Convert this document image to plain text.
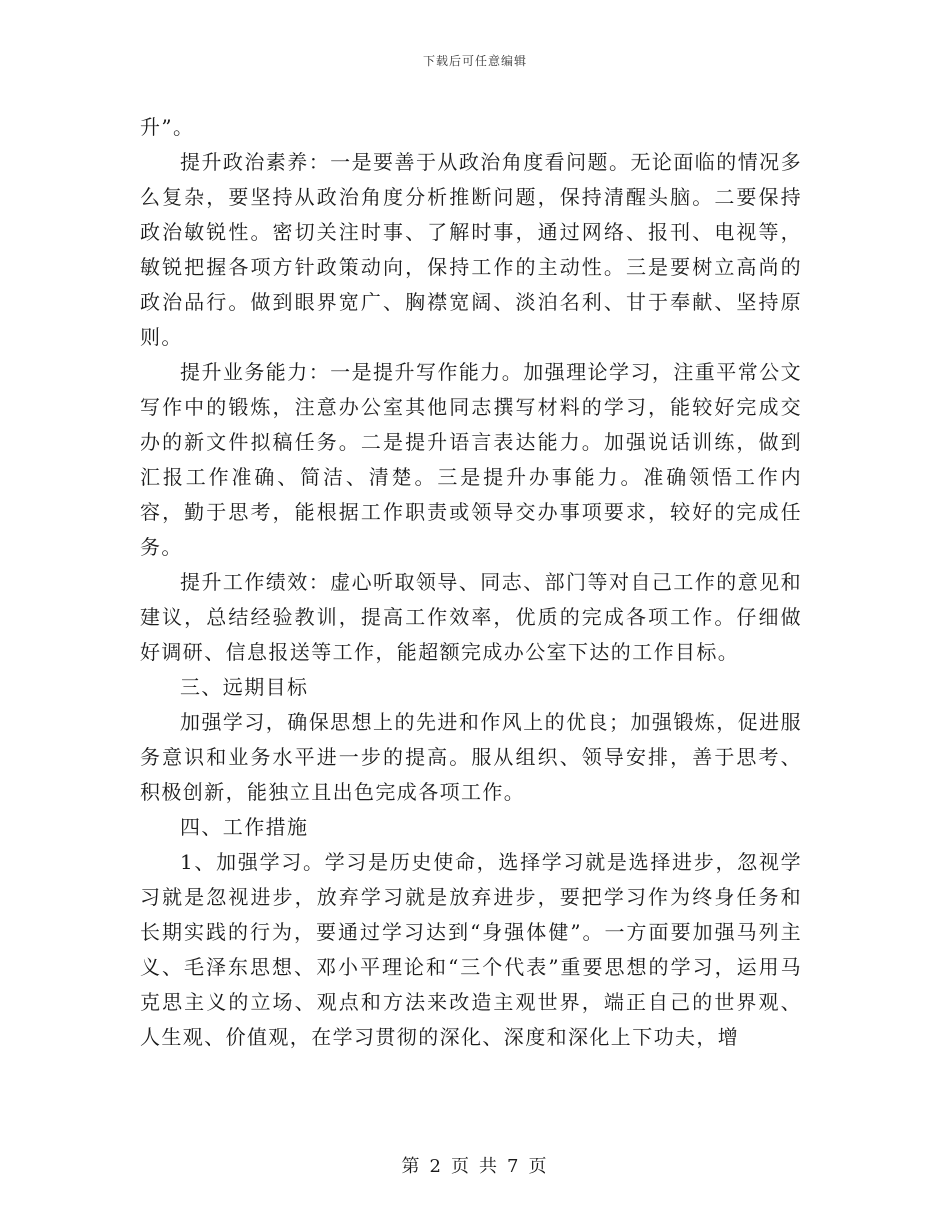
下载后可任意编辑

升”。

提升政治素养：一是要善于从政治角度看问题。无论面临的情况多么复杂，要坚持从政治角度分析推断问题，保持清醒头脑。二要保持政治敏锐性。密切关注时事、了解时事，通过网络、报刊、电视等，敏锐把握各项方针政策动向，保持工作的主动性。三是要树立高尚的政治品行。做到眼界宽广、胸襟宽阔、淡泊名利、甘于奉献、坚持原则。

提升业务能力：一是提升写作能力。加强理论学习，注重平常公文写作中的锻炼，注意办公室其他同志撰写材料的学习，能较好完成交办的新文件拟稿任务。二是提升语言表达能力。加强说话训练，做到汇报工作准确、简洁、清楚。三是提升办事能力。准确领悟工作内容，勤于思考，能根据工作职责或领导交办事项要求，较好的完成任务。

提升工作绩效：虚心听取领导、同志、部门等对自己工作的意见和建议，总结经验教训，提高工作效率，优质的完成各项工作。仔细做好调研、信息报送等工作，能超额完成办公室下达的工作目标。

三、远期目标

加强学习，确保思想上的先进和作风上的优良；加强锻炼，促进服务意识和业务水平进一步的提高。服从组织、领导安排，善于思考、积极创新，能独立且出色完成各项工作。

四、工作措施

1、加强学习。学习是历史使命，选择学习就是选择进步，忽视学习就是忽视进步，放弃学习就是放弃进步，要把学习作为终身任务和长期实践的行为，要通过学习达到“身强体健”。一方面要加强马列主义、毛泽东思想、邓小平理论和“三个代表”重要思想的学习，运用马克思主义的立场、观点和方法来改造主观世界，端正自己的世界观、人生观、价值观，在学习贯彻的深化、深度和深化上下功夫，增

第 2 页 共 7 页
